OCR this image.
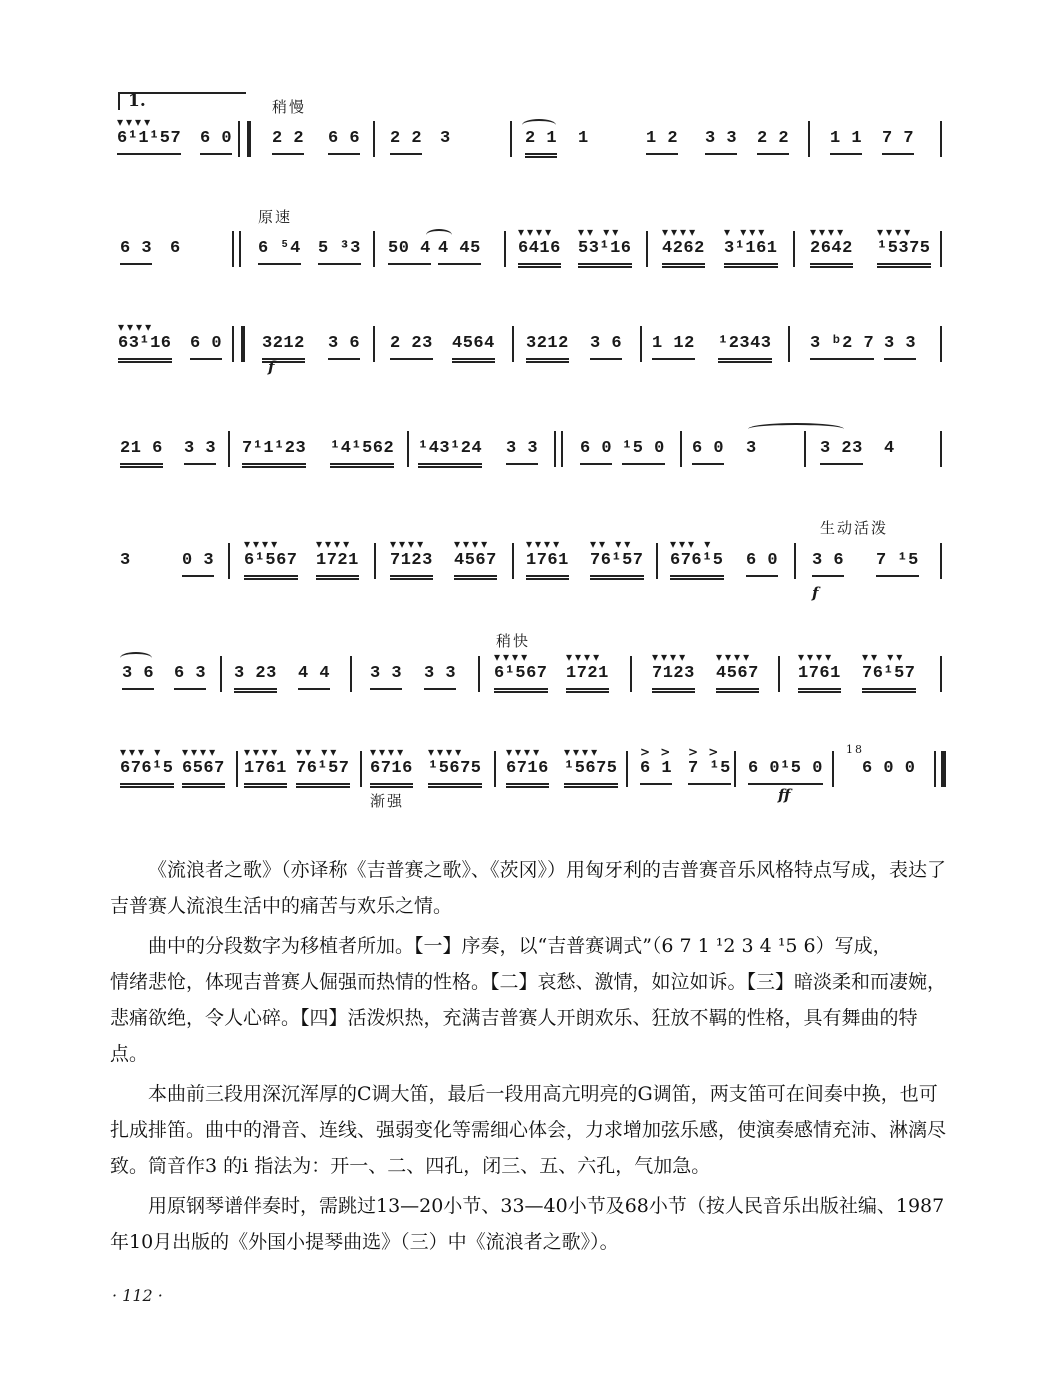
1.	稍慢
▾▾▾▾
6¹1¹57 6 0 2 2 6 6 2 2 3	2 1 1	1 2 3 3 2 2 1 1 7 7
原速
6 3 6	6 ⁵4 5 ³3 50 4 4 45
▾▾▾▾
6416
▾▾ ▾▾
53¹16
▾▾▾▾
4262
▾ ▾▾▾
3¹161
▾▾▾▾
2642
▾▾▾▾
¹5375
▾▾▾▾
63¹16 6 0 3212
f
3 6 2 23 4564 3212 3 6 1 12 ¹2343 3 ᵇ2 7 3 3
21 6 3 3 7¹1¹23 ¹4¹562 ¹43¹24 3 3 6 0 ¹5 0 6 0 3	3 23 4
生动活泼
3	0 3
▾▾▾▾
6¹567
▾▾▾▾
1721
▾▾▾▾
7123
▾▾▾▾
4567
▾▾▾▾
1761
▾▾ ▾▾
76¹57
▾▾▾ ▾
676¹5 6 0 3 6 7 ¹5
f
稍快
3 6 6 3 3 23 4 4 3 3 3 3
▾▾▾▾
6¹567
▾▾▾▾
1721
▾▾▾▾
7123
▾▾▾▾
4567
▾▾▾▾
1761
▾▾ ▾▾
76¹57
▾▾▾ ▾
676¹5
▾▾▾▾
6567
▾▾▾▾
1761
▾▾ ▾▾
76¹57
▾▾▾▾
6716
▾▾▾▾
¹5675
▾▾▾▾
6716
▾▾▾▾
¹5675
> >
6 1
> >
7 ¹5 6 0¹5 0
18
6 0 0
渐强	ff

《流浪者之歌》（亦译称《吉普赛之歌》、《茨冈》）用匈牙利的吉普赛音乐风格特点写成，表达了吉普赛人流浪生活中的痛苦与欢乐之情。

曲中的分段数字为移植者所加。【一】序奏，以“吉普赛调式”（6 7 1 ¹2 3 4 ¹5 6）写成，

情绪悲怆，体现吉普赛人倔强而热情的性格。【二】哀愁、激情，如泣如诉。【三】暗淡柔和而凄婉，悲痛欲绝，令人心碎。【四】活泼炽热，充满吉普赛人开朗欢乐、狂放不羁的性格，具有舞曲的特点。

本曲前三段用深沉浑厚的C调大笛，最后一段用高亢明亮的G调笛，两支笛可在间奏中换，也可扎成排笛。曲中的滑音、连线、强弱变化等需细心体会，力求增加弦乐感，使演奏感情充沛、淋漓尽致。筒音作3 的i 指法为：开一、二、四孔，闭三、五、六孔，气加急。

用原钢琴谱伴奏时，需跳过13—20小节、33—40小节及68小节（按人民音乐出版社编、1987年10月出版的《外国小提琴曲选》（三）中《流浪者之歌》）。

· 112 ·
